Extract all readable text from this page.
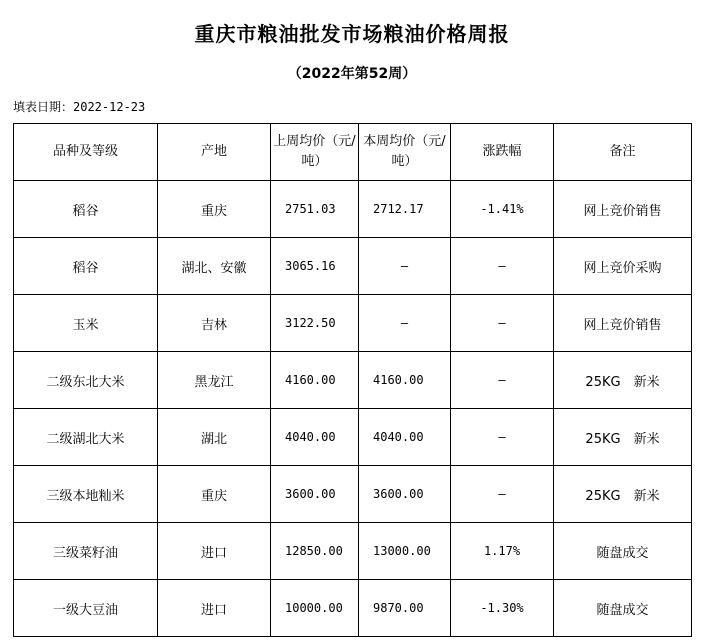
重庆市粮油批发市场粮油价格周报
（2022年第52周）
填表日期：2022-12-23
品种及等级	产地	上周均价（元/吨）	本周均价（元/吨）	涨跌幅	备注
稻谷	重庆	2751.03	2712.17	-1.41%	网上竞价销售
稻谷	湖北、安徽	3065.16	—	—	网上竞价采购
玉米	吉林	3122.50	—	—	网上竞价销售
二级东北大米	黑龙江	4160.00	4160.00	—	25KG　新米
二级湖北大米	湖北	4040.00	4040.00	—	25KG　新米
三级本地籼米	重庆	3600.00	3600.00	—	25KG　新米
三级菜籽油	进口	12850.00	13000.00	1.17%	随盘成交
一级大豆油	进口	10000.00	9870.00	-1.30%	随盘成交
